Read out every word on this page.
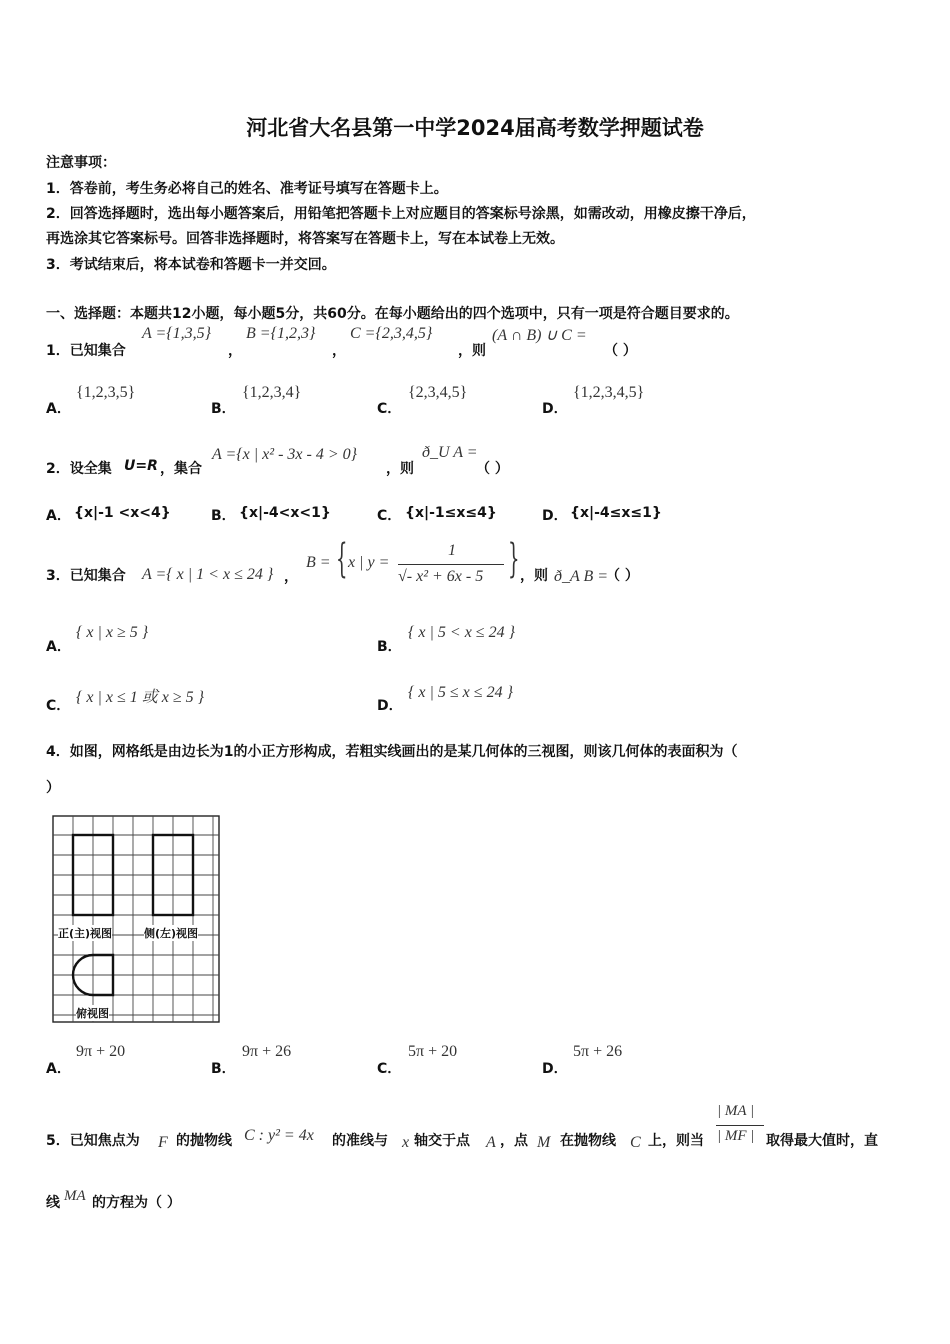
河北省大名县第一中学2024届高考数学押题试卷
注意事项：
1．答卷前，考生务必将自己的姓名、准考证号填写在答题卡上。
2．回答选择题时，选出每小题答案后，用铅笔把答题卡上对应题目的答案标号涂黑，如需改动，用橡皮擦干净后，
再选涂其它答案标号。回答非选择题时，将答案写在答题卡上，写在本试卷上无效。
3．考试结束后，将本试卷和答题卡一并交回。
一、选择题：本题共12小题，每小题5分，共60分。在每小题给出的四个选项中，只有一项是符合题目要求的。
1．已知集合
A ={1,3,5}
，
B ={1,2,3}
，
C ={2,3,4,5}
，则
(A ∩ B) ∪ C =
（ ）
A．
{1,2,3,5}
B．
{1,2,3,4}
C．
{2,3,4,5}
D．
{1,2,3,4,5}
2．设全集 U=R ，集合
A ={x | x² - 3x - 4 > 0}
，则
ð_U A =
（ ）
A． {x|-1 <x<4}	B． {x|-4<x<1}	C． {x|-1≤x≤4}	D． {x|-4≤x≤1}
3．已知集合 A ={ x | 1 < x ≤ 24 } ，
B = { x | y =
1
√- x² + 6x - 5 } ，则 ð_A B =
（ ）
A．
{ x | x ≥ 5 }
B．
{ x | 5 < x ≤ 24 }
C． { x | x ≤ 1 或 x ≥ 5 }	D．
{ x | 5 ≤ x ≤ 24 }
4．如图，网格纸是由边长为1的小正方形构成，若粗实线画出的是某几何体的三视图，则该几何体的表面积为（
）
正(主)视图	侧(左)视图
俯视图
A．
9π + 20
B．
9π + 26
C．
5π + 20
D．
5π + 26
5．已知焦点为 F 的抛物线 C : y² = 4x 的准线与 x 轴交于点 A ，点 M 在抛物线 C 上，则当
| MA |
| MF | 取得最大值时，直
线 MA 的方程为（ ）
